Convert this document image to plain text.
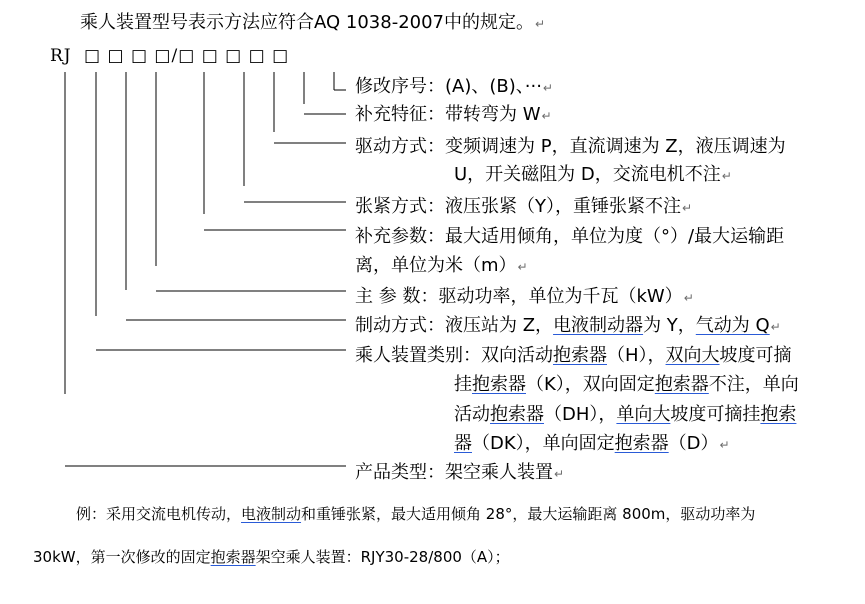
乘人装置型号表示方法应符合AQ 1038-2007中的规定。↵
RJ □ □ □ □/□ □ □ □ □
修改序号：(A)、(B)、···↵
补充特征：带转弯为 W↵
驱动方式：变频调速为 P，直流调速为 Z，液压调速为
U，开关磁阻为 D，交流电机不注↵
张紧方式：液压张紧（Y），重锤张紧不注↵
补充参数：最大适用倾角，单位为度（°）/最大运输距
离，单位为米（m）↵
主 参 数：驱动功率，单位为千瓦（kW）↵
制动方式：液压站为 Z，电液制动器为 Y，气动为 Q↵
乘人装置类别：双向活动抱索器（H），双向大坡度可摘
挂抱索器（K），双向固定抱索器不注，单向
活动抱索器（DH），单向大坡度可摘挂抱索
器（DK），单向固定抱索器（D）↵
产品类型：架空乘人装置↵
例：采用交流电机传动，电液制动和重锤张紧，最大适用倾角 28°，最大运输距离 800m，驱动功率为
30kW，第一次修改的固定抱索器架空乘人装置：RJY30-28/800（A）；
